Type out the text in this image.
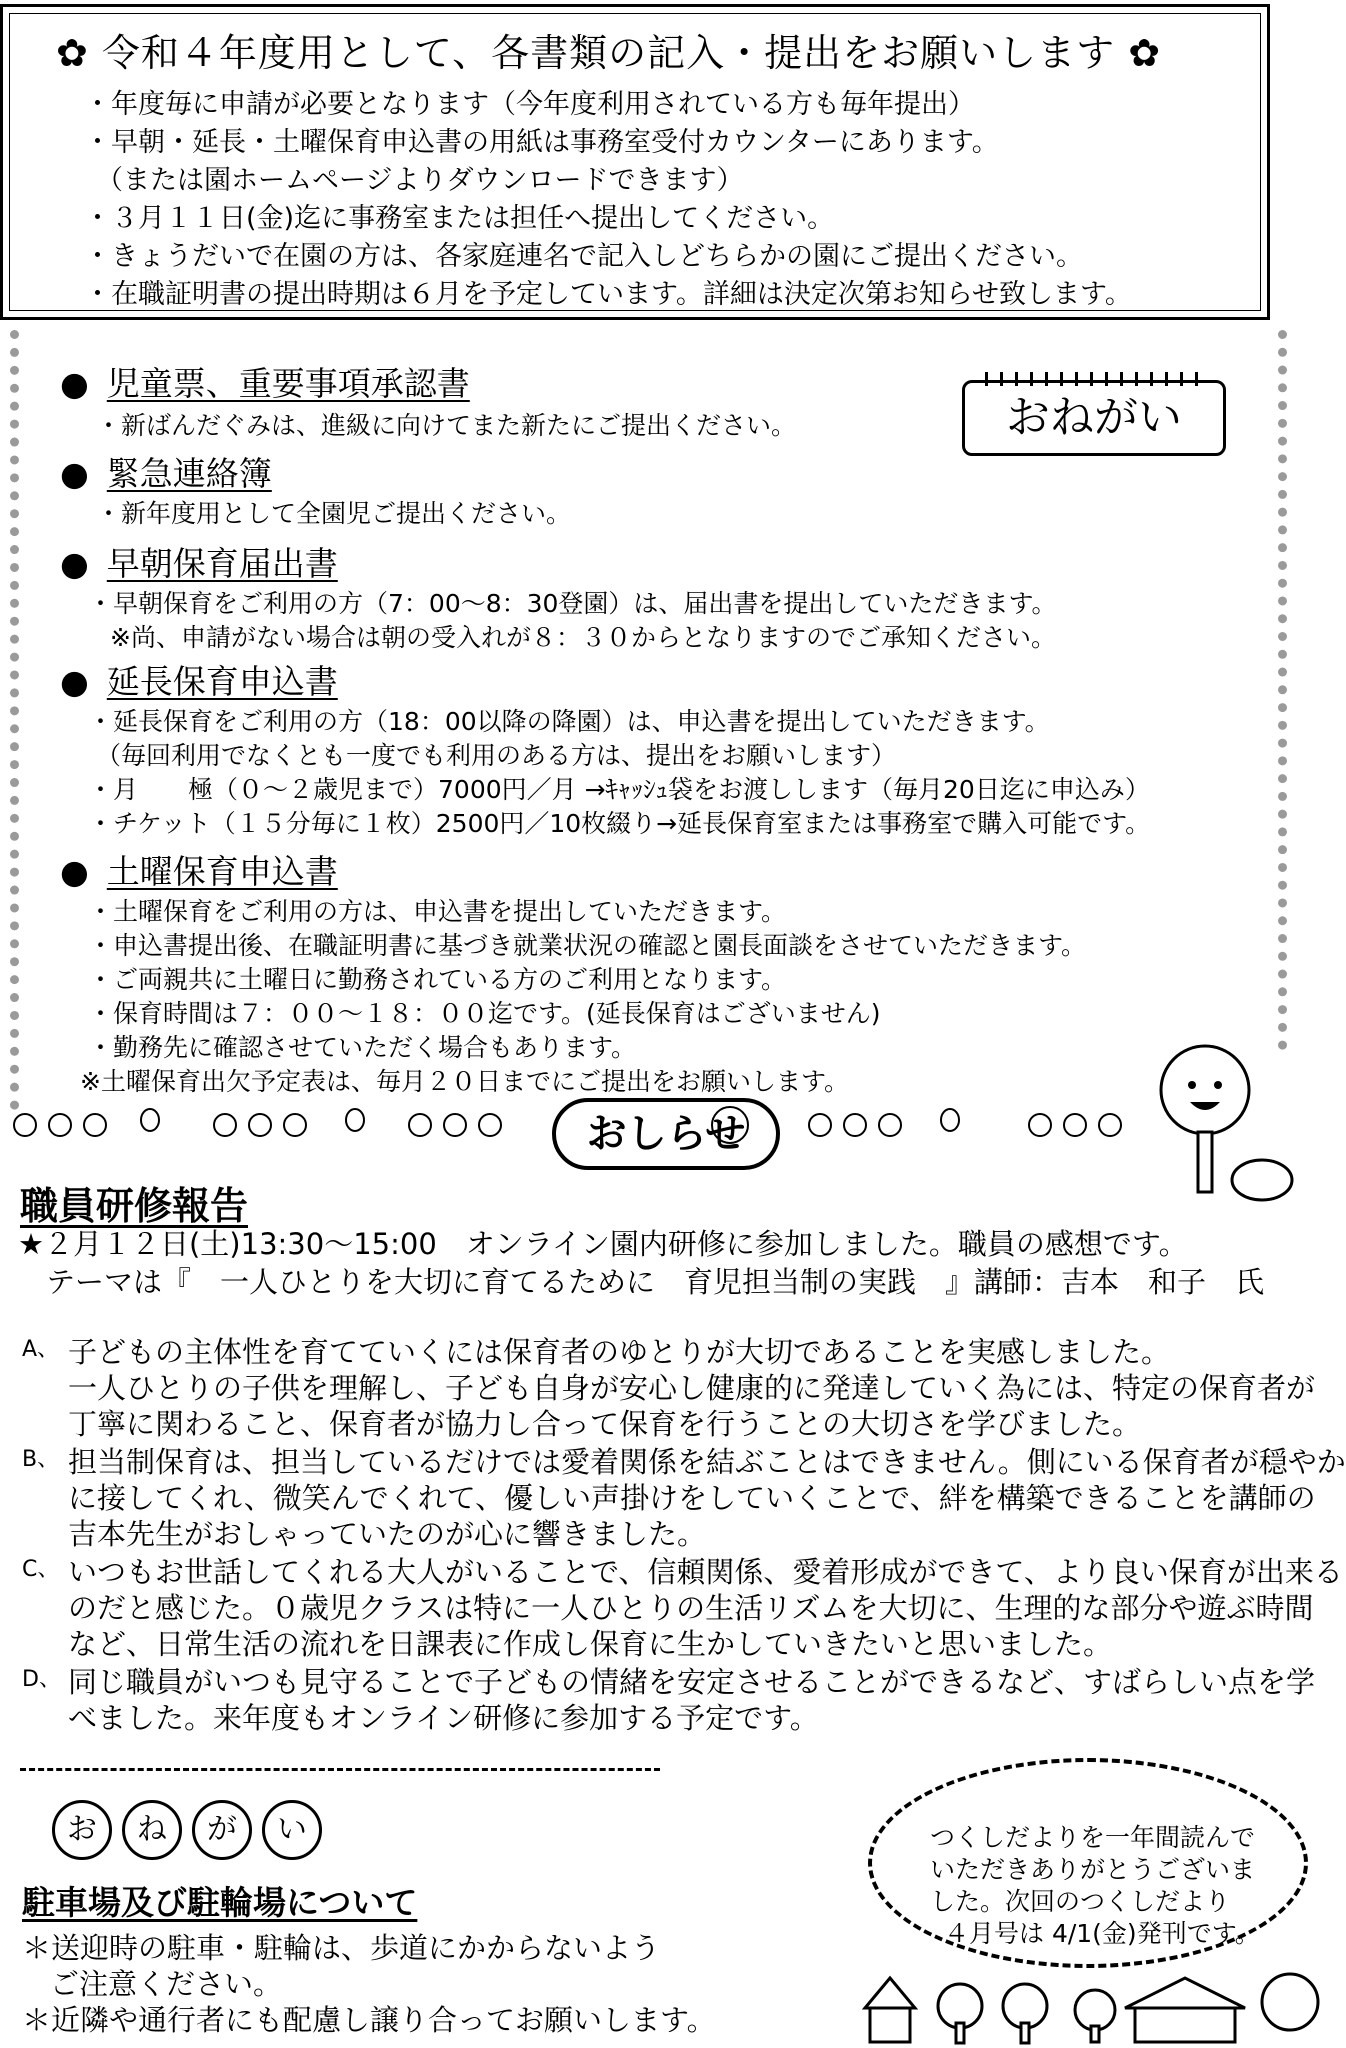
✿ 令和４年度用として、各書類の記入・提出をお願いします ✿
・年度毎に申請が必要となります（今年度利用されている方も毎年提出）
・早朝・延長・土曜保育申込書の用紙は事務室受付カウンターにあります。
（または園ホームページよりダウンロードできます）
・３月１１日(金)迄に事務室または担任へ提出してください。
・きょうだいで在園の方は、各家庭連名で記入しどちらかの園にご提出ください。
・在職証明書の提出時期は６月を予定しています。詳細は決定次第お知らせ致します。
おねがい
● 児童票、重要事項承認書
・新ばんだぐみは、進級に向けてまた新たにご提出ください。
● 緊急連絡簿
・新年度用として全園児ご提出ください。
● 早朝保育届出書
・早朝保育をご利用の方（7：00～8：30登園）は、届出書を提出していただきます。
※尚、申請がない場合は朝の受入れが８：３０からとなりますのでご承知ください。
● 延長保育申込書
・延長保育をご利用の方（18：00以降の降園）は、申込書を提出していただきます。
（毎回利用でなくとも一度でも利用のある方は、提出をお願いします）
・月　　極（０～２歳児まで）7000円／月 →ｷｬｯｼｭ袋をお渡しします（毎月20日迄に申込み）
・チケット（１５分毎に１枚）2500円／10枚綴り→延長保育室または事務室で購入可能です。
● 土曜保育申込書
・土曜保育をご利用の方は、申込書を提出していただきます。
・申込書提出後、在職証明書に基づき就業状況の確認と園長面談をさせていただきます。
・ご両親共に土曜日に勤務されている方のご利用となります。
・保育時間は７：００～１８：００迄です。(延長保育はございません)
・勤務先に確認させていただく場合もあります。
※土曜保育出欠予定表は、毎月２０日までにご提出をお願いします。
おしらせ
職員研修報告
★２月１２日(土)13:30～15:00　オンライン園内研修に参加しました。職員の感想です。
テーマは『　一人ひとりを大切に育てるために　育児担当制の実践　』講師：吉本　和子　氏
A、 子どもの主体性を育てていくには保育者のゆとりが大切であることを実感しました。
一人ひとりの子供を理解し、子ども自身が安心し健康的に発達していく為には、特定の保育者が
丁寧に関わること、保育者が協力し合って保育を行うことの大切さを学びました。
B、 担当制保育は、担当しているだけでは愛着関係を結ぶことはできません。側にいる保育者が穏やか
に接してくれ、微笑んでくれて、優しい声掛けをしていくことで、絆を構築できることを講師の
吉本先生がおしゃっていたのが心に響きました。
C、 いつもお世話してくれる大人がいることで、信頼関係、愛着形成ができて、より良い保育が出来る
のだと感じた。０歳児クラスは特に一人ひとりの生活リズムを大切に、生理的な部分や遊ぶ時間
など、日常生活の流れを日課表に作成し保育に生かしていきたいと思いました。
D、 同じ職員がいつも見守ることで子どもの情緒を安定させることができるなど、すばらしい点を学
べました。来年度もオンライン研修に参加する予定です。
お	ね	が	い
駐車場及び駐輪場について
＊送迎時の駐車・駐輪は、歩道にかからないよう
ご注意ください。
＊近隣や通行者にも配慮し譲り合ってお願いします。
つくしだよりを一年間読んで
いただきありがとうございま
した。次回のつくしだより
４月号は 4/1(金)発刊です。
